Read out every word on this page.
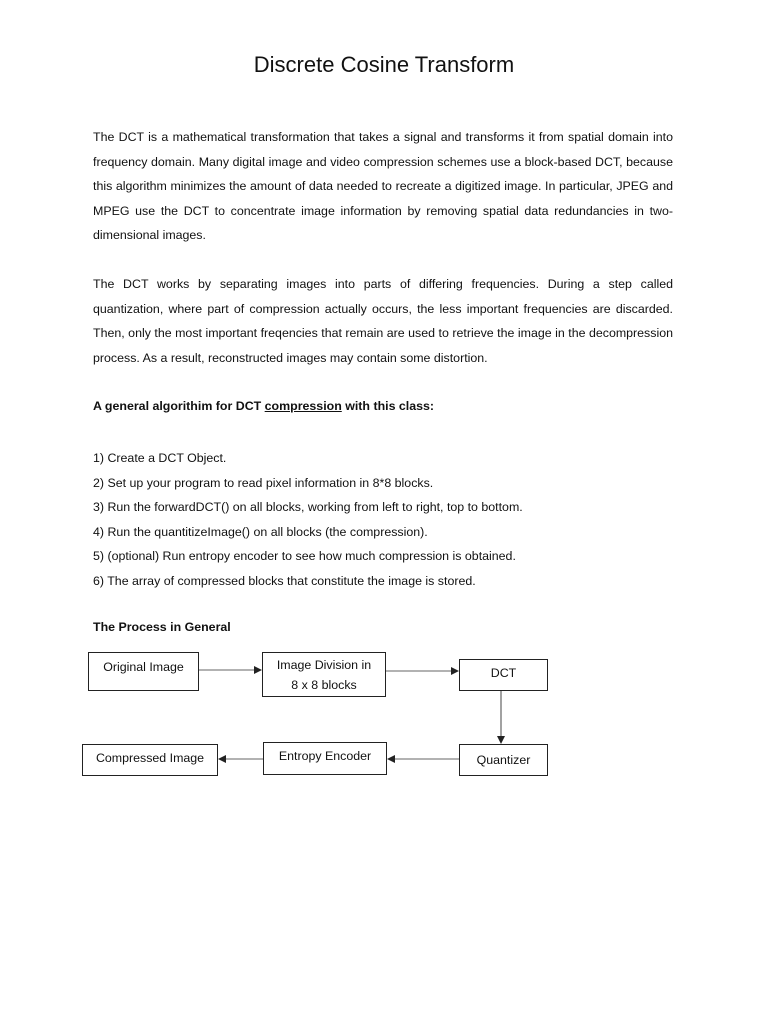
Discrete Cosine Transform

The DCT is a mathematical transformation that takes a signal and transforms it from spatial domain into frequency domain. Many digital image and video compression schemes use a block-based DCT, because this algorithm minimizes the amount of data needed to recreate a digitized image. In particular, JPEG and MPEG use the DCT to concentrate image information by removing spatial data redundancies in two-dimensional images.

The DCT works by separating images into parts of differing frequencies. During a step called quantization, where part of compression actually occurs, the less important frequencies are discarded. Then, only the most important freqencies that remain are used to retrieve the image in the decompression process. As a result, reconstructed images may contain some distortion.

A general algorithim for DCT compression with this class:

1) Create a DCT Object.
2) Set up your program to read pixel information in 8*8 blocks.
3) Run the forwardDCT() on all blocks, working from left to right, top to bottom.
4) Run the quantitizeImage() on all blocks (the compression).
5) (optional) Run entropy encoder to see how much compression is obtained.
6) The array of compressed blocks that constitute the image is stored.

The Process in General

Original Image	Image Division in
8 x 8 blocks
DCT
Quantizer
Entropy Encoder
Compressed Image
